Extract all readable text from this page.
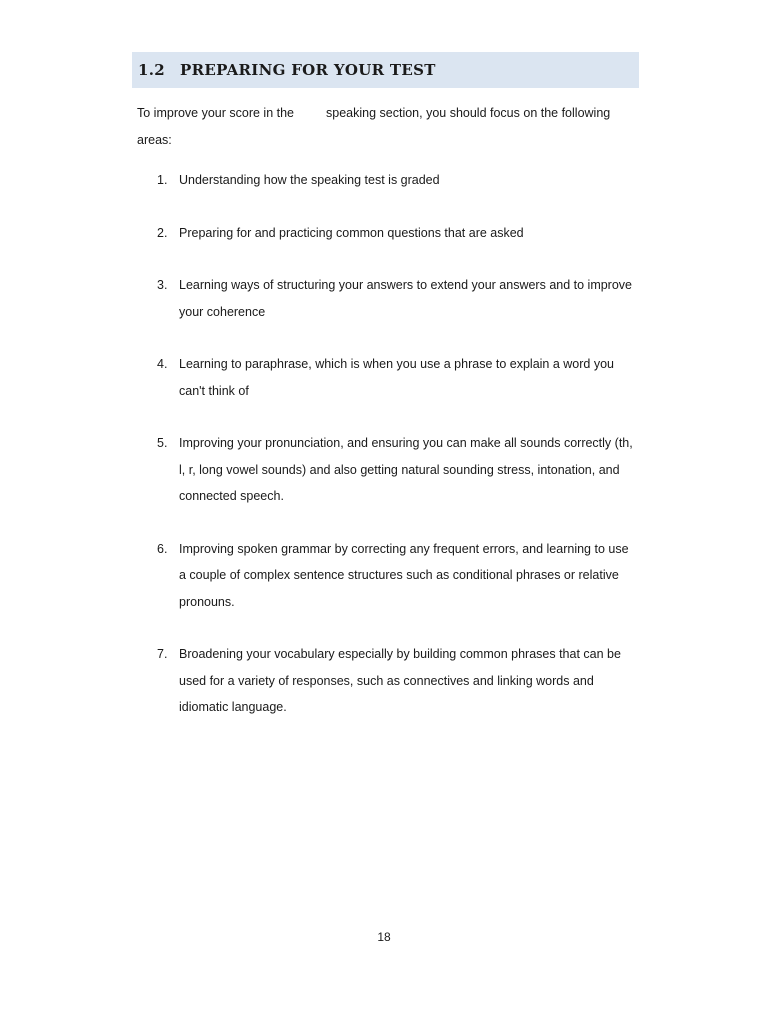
1.2	PREPARING FOR YOUR TEST
To improve your score in the	speaking section, you should focus on the following areas:
1. Understanding how the speaking test is graded
2. Preparing for and practicing common questions that are asked
3. Learning ways of structuring your answers to extend your answers and to improve your coherence
4. Learning to paraphrase, which is when you use a phrase to explain a word you can't think of
5. Improving your pronunciation, and ensuring you can make all sounds correctly (th, l, r, long vowel sounds) and also getting natural sounding stress, intonation, and connected speech.
6. Improving spoken grammar by correcting any frequent errors, and learning to use a couple of complex sentence structures such as conditional phrases or relative pronouns.
7. Broadening your vocabulary especially by building common phrases that can be used for a variety of responses, such as connectives and linking words and idiomatic language.
18
